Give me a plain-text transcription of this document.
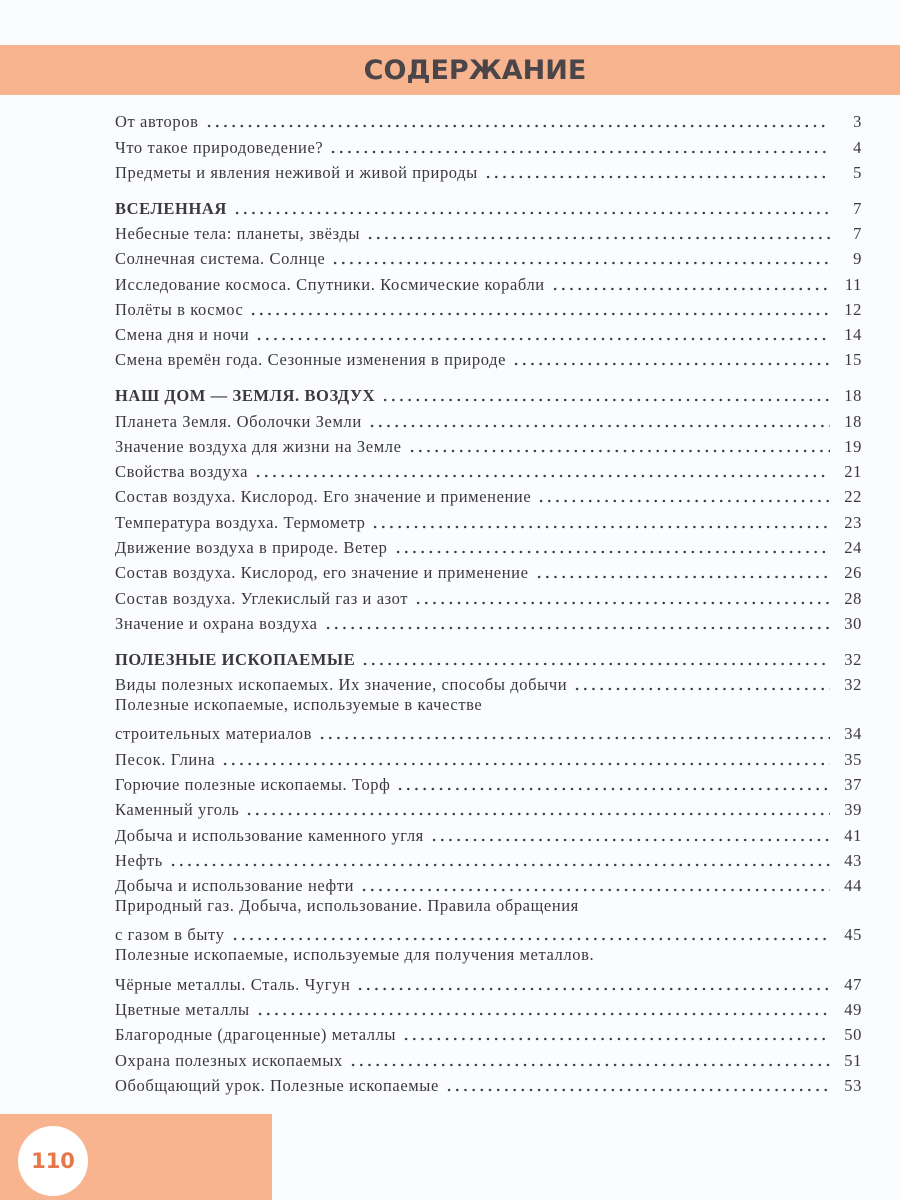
СОДЕРЖАНИЕ
От авторов	3
Что такое природоведение?	4
Предметы и явления неживой и живой природы	5
ВСЕЛЕННАЯ	7
Небесные тела: планеты, звёзды	7
Солнечная система. Солнце	9
Исследование космоса. Спутники. Космические корабли	11
Полёты в космос	12
Смена дня и ночи	14
Смена времён года. Сезонные изменения в природе	15
НАШ ДОМ — ЗЕМЛЯ. ВОЗДУХ	18
Планета Земля. Оболочки Земли	18
Значение воздуха для жизни на Земле	19
Свойства воздуха	21
Состав воздуха. Кислород. Его значение и применение	22
Температура воздуха. Термометр	23
Движение воздуха в природе. Ветер	24
Состав воздуха. Кислород, его значение и применение	26
Состав воздуха. Углекислый газ и азот	28
Значение и охрана воздуха	30
ПОЛЕЗНЫЕ ИСКОПАЕМЫЕ	32
Виды полезных ископаемых. Их значение, способы добычи	32
Полезные ископаемые, используемые в качестве
строительных материалов	34
Песок. Глина	35
Горючие полезные ископаемы. Торф	37
Каменный уголь	39
Добыча и использование каменного угля	41
Нефть	43
Добыча и использование нефти	44
Природный газ. Добыча, использование. Правила обращения
с газом в быту	45
Полезные ископаемые, используемые для получения металлов.
Чёрные металлы. Сталь. Чугун	47
Цветные металлы	49
Благородные (драгоценные) металлы	50
Охрана полезных ископаемых	51
Обобщающий урок. Полезные ископаемые	53
110
